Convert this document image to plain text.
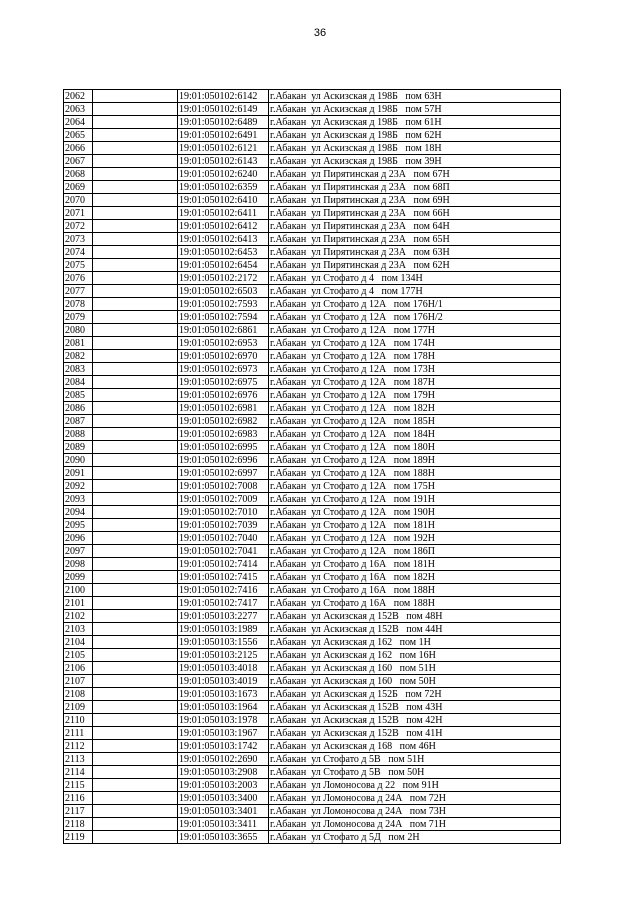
36
2062		19:01:050102:6142	г.Абакан  ул Аскизская д 198Б   пом 63Н
2063		19:01:050102:6149	г.Абакан  ул Аскизская д 198Б   пом 57Н
2064		19:01:050102:6489	г.Абакан  ул Аскизская д 198Б   пом 61Н
2065		19:01:050102:6491	г.Абакан  ул Аскизская д 198Б   пом 62Н
2066		19:01:050102:6121	г.Абакан  ул Аскизская д 198Б   пом 18Н
2067		19:01:050102:6143	г.Абакан  ул Аскизская д 198Б   пом 39Н
2068		19:01:050102:6240	г.Абакан  ул Пирятинская д 23А   пом 67Н
2069		19:01:050102:6359	г.Абакан  ул Пирятинская д 23А   пом 68П
2070		19:01:050102:6410	г.Абакан  ул Пирятинская д 23А   пом 69Н
2071		19:01:050102:6411	г.Абакан  ул Пирятинская д 23А   пом 66Н
2072		19:01:050102:6412	г.Абакан  ул Пирятинская д 23А   пом 64Н
2073		19:01:050102:6413	г.Абакан  ул Пирятинская д 23А   пом 65Н
2074		19:01:050102:6453	г.Абакан  ул Пирятинская д 23А   пом 63Н
2075		19:01:050102:6454	г.Абакан  ул Пирятинская д 23А   пом 62Н
2076		19:01:050102:2172	г.Абакан  ул Стофато д 4   пом 134Н
2077		19:01:050102:6503	г.Абакан  ул Стофато д 4   пом 177Н
2078		19:01:050102:7593	г.Абакан  ул Стофато д 12А   пом 176Н/1
2079		19:01:050102:7594	г.Абакан  ул Стофато д 12А   пом 176Н/2
2080		19:01:050102:6861	г.Абакан  ул Стофато д 12А   пом 177Н
2081		19:01:050102:6953	г.Абакан  ул Стофато д 12А   пом 174Н
2082		19:01:050102:6970	г.Абакан  ул Стофато д 12А   пом 178Н
2083		19:01:050102:6973	г.Абакан  ул Стофато д 12А   пом 173Н
2084		19:01:050102:6975	г.Абакан  ул Стофато д 12А   пом 187Н
2085		19:01:050102:6976	г.Абакан  ул Стофато д 12А   пом 179Н
2086		19:01:050102:6981	г.Абакан  ул Стофато д 12А   пом 182Н
2087		19:01:050102:6982	г.Абакан  ул Стофато д 12А   пом 185Н
2088		19:01:050102:6983	г.Абакан  ул Стофато д 12А   пом 184Н
2089		19:01:050102:6995	г.Абакан  ул Стофато д 12А   пом 180Н
2090		19:01:050102:6996	г.Абакан  ул Стофато д 12А   пом 189Н
2091		19:01:050102:6997	г.Абакан  ул Стофато д 12А   пом 188Н
2092		19:01:050102:7008	г.Абакан  ул Стофато д 12А   пом 175Н
2093		19:01:050102:7009	г.Абакан  ул Стофато д 12А   пом 191Н
2094		19:01:050102:7010	г.Абакан  ул Стофато д 12А   пом 190Н
2095		19:01:050102:7039	г.Абакан  ул Стофато д 12А   пом 181Н
2096		19:01:050102:7040	г.Абакан  ул Стофато д 12А   пом 192Н
2097		19:01:050102:7041	г.Абакан  ул Стофато д 12А   пом 186П
2098		19:01:050102:7414	г.Абакан  ул Стофато д 16А   пом 181Н
2099		19:01:050102:7415	г.Абакан  ул Стофато д 16А   пом 182Н
2100		19:01:050102:7416	г.Абакан  ул Стофато д 16А   пом 188Н
2101		19:01:050102:7417	г.Абакан  ул Стофато д 16А   пом 188Н
2102		19:01:050103:2277	г.Абакан  ул Аскизская д 152В   пом 48Н
2103		19:01:050103:1989	г.Абакан  ул Аскизская д 152В   пом 44Н
2104		19:01:050103:1556	г.Абакан  ул Аскизская д 162   пом 1Н
2105		19:01:050103:2125	г.Абакан  ул Аскизская д 162   пом 16Н
2106		19:01:050103:4018	г.Абакан  ул Аскизская д 160   пом 51Н
2107		19:01:050103:4019	г.Абакан  ул Аскизская д 160   пом 50Н
2108		19:01:050103:1673	г.Абакан  ул Аскизская д 152Б   пом 72Н
2109		19:01:050103:1964	г.Абакан  ул Аскизская д 152В   пом 43Н
2110		19:01:050103:1978	г.Абакан  ул Аскизская д 152В   пом 42Н
2111		19:01:050103:1967	г.Абакан  ул Аскизская д 152В   пом 41Н
2112		19:01:050103:1742	г.Абакан  ул Аскизская д 168   пом 46Н
2113		19:01:050102:2690	г.Абакан  ул Стофато д 5В   пом 51Н
2114		19:01:050103:2908	г.Абакан  ул Стофато д 5В   пом 50Н
2115		19:01:050103:2003	г.Абакан  ул Ломоносова д 22   пом 91Н
2116		19:01:050103:3400	г.Абакан  ул Ломоносова д 24А   пом 72Н
2117		19:01:050103:3401	г.Абакан  ул Ломоносова д 24А   пом 73Н
2118		19:01:050103:3411	г.Абакан  ул Ломоносова д 24А   пом 71Н
2119		19:01:050103:3655	г.Абакан  ул Стофато д 5Д   пом 2Н
